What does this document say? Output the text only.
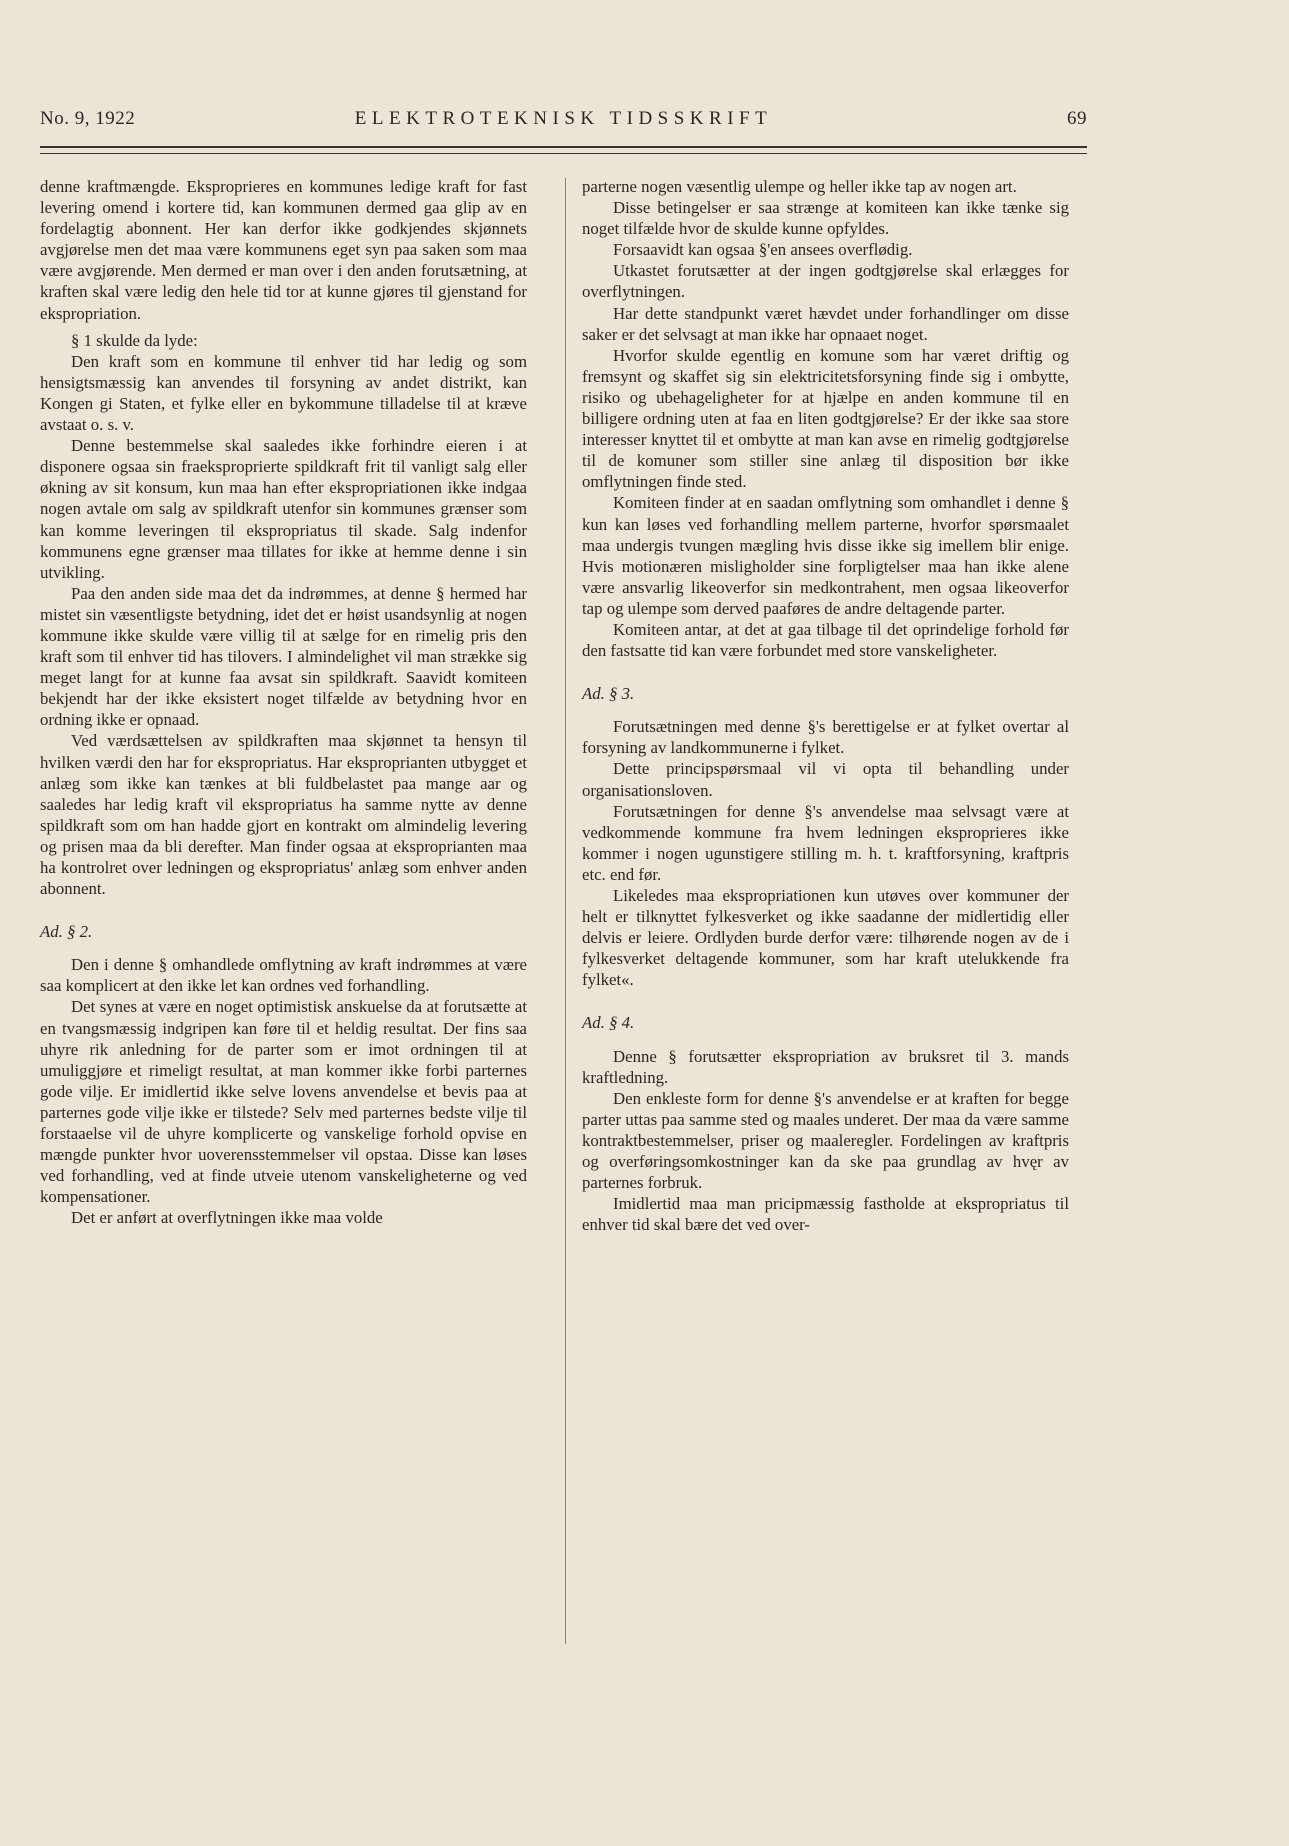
ELEKTROTEKNISK TIDSSKRIFT
No. 9, 1922	69

denne kraftmængde. Eksproprieres en kommunes ledige kraft for fast levering omend i kortere tid, kan kommunen dermed gaa glip av en fordelagtig abonnent. Her kan derfor ikke godkjendes skjønnets avgjørelse men det maa være kommunens eget syn paa saken som maa være avgjørende. Men dermed er man over i den anden forutsætning, at kraften skal være ledig den hele tid tor at kunne gjøres til gjenstand for ekspropriation.

§ 1 skulde da lyde:

Den kraft som en kommune til enhver tid har ledig og som hensigtsmæssig kan anvendes til forsyning av andet distrikt, kan Kongen gi Staten, et fylke eller en bykommune tilladelse til at kræve avstaat o. s. v.

Denne bestemmelse skal saaledes ikke forhindre eieren i at disponere ogsaa sin fraeksproprierte spildkraft frit til vanligt salg eller økning av sit konsum, kun maa han efter ekspropriationen ikke indgaa nogen avtale om salg av spildkraft utenfor sin kommunes grænser som kan komme leveringen til ekspropriatus til skade. Salg indenfor kommunens egne grænser maa tillates for ikke at hemme denne i sin utvikling.

Paa den anden side maa det da indrømmes, at denne § hermed har mistet sin væsentligste betydning, idet det er høist usandsynlig at nogen kommune ikke skulde være villig til at sælge for en rimelig pris den kraft som til enhver tid has tilovers. I almindelighet vil man strække sig meget langt for at kunne faa avsat sin spildkraft. Saavidt komiteen bekjendt har der ikke eksistert noget tilfælde av betydning hvor en ordning ikke er opnaad.

Ved værdsættelsen av spildkraften maa skjønnet ta hensyn til hvilken værdi den har for ekspropriatus. Har eksproprianten utbygget et anlæg som ikke kan tænkes at bli fuldbelastet paa mange aar og saaledes har ledig kraft vil ekspropriatus ha samme nytte av denne spildkraft som om han hadde gjort en kontrakt om almindelig levering og prisen maa da bli derefter. Man finder ogsaa at eksproprianten maa ha kontrolret over ledningen og ekspropriatus' anlæg som enhver anden abonnent.

Ad. § 2.

Den i denne § omhandlede omflytning av kraft indrømmes at være saa komplicert at den ikke let kan ordnes ved forhandling.

Det synes at være en noget optimistisk anskuelse da at forutsætte at en tvangsmæssig indgripen kan føre til et heldig resultat. Der fins saa uhyre rik anledning for de parter som er imot ordningen til at umuliggjøre et rimeligt resultat, at man kommer ikke forbi parternes gode vilje. Er imidlertid ikke selve lovens anvendelse et bevis paa at parternes gode vilje ikke er tilstede? Selv med parternes bedste vilje til forstaaelse vil de uhyre komplicerte og vanskelige forhold opvise en mængde punkter hvor uoverensstemmelser vil opstaa. Disse kan løses ved forhandling, ved at finde utveie utenom vanskeligheterne og ved kompensationer.

Det er anført at overflytningen ikke maa volde

parterne nogen væsentlig ulempe og heller ikke tap av nogen art.

Disse betingelser er saa strænge at komiteen kan ikke tænke sig noget tilfælde hvor de skulde kunne opfyldes.

Forsaavidt kan ogsaa §'en ansees overflødig.

Utkastet forutsætter at der ingen godtgjørelse skal erlægges for overflytningen.

Har dette standpunkt været hævdet under forhandlinger om disse saker er det selvsagt at man ikke har opnaaet noget.

Hvorfor skulde egentlig en komune som har været driftig og fremsynt og skaffet sig sin elektricitetsforsyning finde sig i ombytte, risiko og ubehageligheter for at hjælpe en anden kommune til en billigere ordning uten at faa en liten godtgjørelse? Er der ikke saa store interesser knyttet til et ombytte at man kan avse en rimelig godtgjørelse til de komuner som stiller sine anlæg til disposition bør ikke omflytningen finde sted.

Komiteen finder at en saadan omflytning som omhandlet i denne § kun kan løses ved forhandling mellem parterne, hvorfor spørsmaalet maa undergis tvungen mægling hvis disse ikke sig imellem blir enige. Hvis motionæren misligholder sine forpligtelser maa han ikke alene være ansvarlig likeoverfor sin medkontrahent, men ogsaa likeoverfor tap og ulempe som derved paaføres de andre deltagende parter.

Komiteen antar, at det at gaa tilbage til det oprindelige forhold før den fastsatte tid kan være forbundet med store vanskeligheter.

Ad. § 3.

Forutsætningen med denne §'s berettigelse er at fylket overtar al forsyning av landkommunerne i fylket.

Dette principspørsmaal vil vi opta til behandling under organisationsloven.

Forutsætningen for denne §'s anvendelse maa selvsagt være at vedkommende kommune fra hvem ledningen eksproprieres ikke kommer i nogen ugunstigere stilling m. h. t. kraftforsyning, kraftpris etc. end før.

Likeledes maa ekspropriationen kun utøves over kommuner der helt er tilknyttet fylkesverket og ikke saadanne der midlertidig eller delvis er leiere. Ordlyden burde derfor være: tilhørende nogen av de i fylkesverket deltagende kommuner, som har kraft utelukkende fra fylket«.

Ad. § 4.

Denne § forutsætter ekspropriation av bruksret til 3. mands kraftledning.

Den enkleste form for denne §'s anvendelse er at kraften for begge parter uttas paa samme sted og maales underet. Der maa da være samme kontraktbestemmelser, priser og maaleregler. Fordelingen av kraftpris og overføringsomkostninger kan da ske paa grundlag av hvęr av parternes forbruk.

Imidlertid maa man pricipmæssig fastholde at ekspropriatus til enhver tid skal bære det ved over-
